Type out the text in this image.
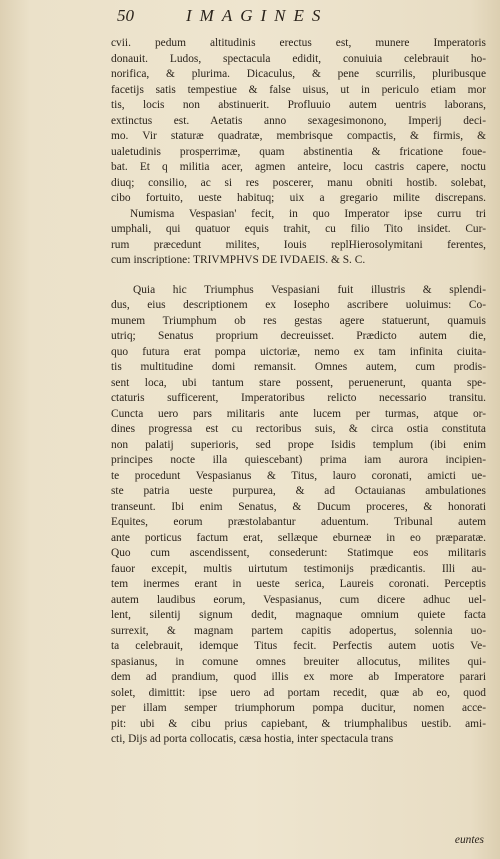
50	IMAGINES
cvii. pedum altitudinis erectus est, munere Imperatoris
donauit. Ludos, spectacula edidit, conuiuia celebrauit ho-
norifica, & plurima. Dicaculus, & pene scurrilis, pluribusque
facetijs satis tempestiue & false uisus, ut in periculo etiam mor
tis, locis non abstinuerit. Profluuio autem uentris laborans,
extinctus est. Aetatis anno sexagesimonono, Imperij deci-
mo. Vir staturæ quadratæ, membrisque compactis, & firmis, &
ualetudinis prosperrimæ, quam abstinentia & fricatione foue-
bat. Et q militia acer, agmen anteire, locu castris capere, noctu
diuq; consilio, ac si res poscerer, manu obniti hostib. solebat,
cibo fortuito, ueste habituq; uix a gregario milite discrepans.
Numisma Vespasian' fecit, in quo Imperator ipse curru tri
umphali, qui quatuor equis trahit, cu filio Tito insidet. Cur-
rum præcedunt milites, Iouis replHierosolymitani ferentes,
cum inscriptione: TRIVMPHVS DE IVDAEIS. & S. C.
Quia hic Triumphus Vespasiani fuit illustris & splendi-
dus, eius descriptionem ex Iosepho ascribere uoluimus: Co-
munem Triumphum ob res gestas agere statuerunt, quamuis
utriq; Senatus proprium decreuisset. Prædicto autem die,
quo futura erat pompa uictoriæ, nemo ex tam infinita ciuita-
tis multitudine domi remansit. Omnes autem, cum prodis-
sent loca, ubi tantum stare possent, peruenerunt, quanta spe-
ctaturis sufficerent, Imperatoribus relicto necessario transitu.
Cuncta uero pars militaris ante lucem per turmas, atque or-
dines progressa est cu rectoribus suis, & circa ostia constituta
non palatij superioris, sed prope Isidis templum (ibi enim
principes nocte illa quiescebant) prima iam aurora incipien-
te procedunt Vespasianus & Titus, lauro coronati, amicti ue-
ste patria ueste purpurea, & ad Octauianas ambulationes
transeunt. Ibi enim Senatus, & Ducum proceres, & honorati
Equites, eorum præstolabantur aduentum. Tribunal autem
ante porticus factum erat, sellæque eburneæ in eo præparatæ.
Quo cum ascendissent, consederunt: Statimque eos militaris
fauor excepit, multis uirtutum testimonijs prædicantis. Illi au-
tem inermes erant in ueste serica, Laureis coronati. Perceptis
autem laudibus eorum, Vespasianus, cum dicere adhuc uel-
lent, silentij signum dedit, magnaque omnium quiete facta
surrexit, & magnam partem capitis adopertus, solennia uo-
ta celebrauit, idemque Titus fecit. Perfectis autem uotis Ve-
spasianus, in comune omnes breuiter allocutus, milites qui-
dem ad prandium, quod illis ex more ab Imperatore parari
solet, dimittit: ipse uero ad portam recedit, quæ ab eo, quod
per illam semper triumphorum pompa ducitur, nomen acce-
pit: ubi & cibu prius capiebant, & triumphalibus uestib. ami-
cti, Dijs ad porta collocatis, cæsa hostia, inter spectacula trans
euntes
